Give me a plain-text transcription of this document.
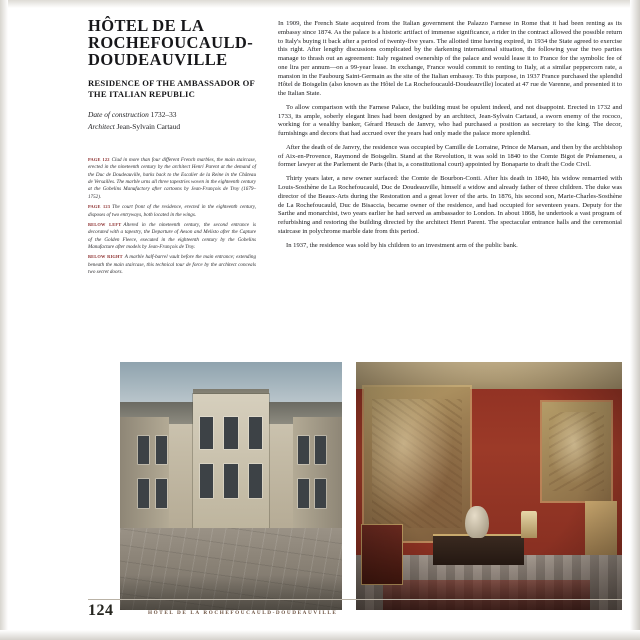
HÔTEL DE LA ROCHEFOUCAULD-DOUDEAUVILLE
RESIDENCE OF THE AMBASSADOR OF THE ITALIAN REPUBLIC
Date of construction 1732–33
Architect Jean-Sylvain Cartaud
PAGE 122 Clad in more than four different French marbles, the main staircase, erected in the nineteenth century by the architect Henri Parent at the demand of the Duc de Doudeauville, harks back to the Escalier de la Reine in the Château de Versailles. The marble urns all three tapestries woven in the eighteenth century at the Gobelins Manufactory after cartoons by Jean-François de Troy (1679–1752).
PAGE 123 The court front of the residence, erected in the eighteenth century, disposes of two entryways, both located in the wings.
BELOW LEFT Altered in the nineteenth century, the second entrance is decorated with a tapestry, the Departure of Aeson and Melisto after the Capture of the Golden Fleece, executed in the eighteenth century by the Gobelins Manufacture after models by Jean-François de Troy.
BELOW RIGHT A marble half-barrel vault before the main entrance; extending beneath the main staircase, this technical tour de force by the architect conceals two secret doors.

In 1909, the French State acquired from the Italian government the Palazzo Farnese in Rome that it had been renting as its embassy since 1874. As the palace is a historic artifact of immense significance, a rider in the contract allowed the possible return to Italy's buying it back after a period of twenty-five years. The allotted time having expired, in 1934 the State agreed to exercise this right. After lengthy discussions complicated by the darkening international situation, the following year the two parties manage to thrash out an agreement: Italy regained ownership of the palace and would lease it to France for the symbolic fee of one lira per annum—on a 99-year lease. In exchange, France would commit to renting to Italy, at a similar peppercorn rate, a mansion in the Faubourg Saint-Germain as the site of the Italian embassy. To this purpose, in 1937 France purchased the splendid Hôtel de Boisgelin (also known as the Hôtel de La Rochefoucauld-Doudeauville) located at 47 rue de Varenne, and presented it to the Italian State.

To allow comparison with the Farnese Palace, the building must be opulent indeed, and not disappoint. Erected in 1732 and 1733, its ample, soberly elegant lines had been designed by an architect, Jean-Sylvain Cartaud, a sworn enemy of the rococo, working for a wealthy banker, Gérard Heusch de Janvry, who had purchased a position as secretary to the king. The decor, furnishings and decors that had accrued over the years had only made the palace more splendid.

After the death of de Janvry, the residence was occupied by Camille de Lorraine, Prince de Marsan, and then by the archbishop of Aix-en-Provence, Raymond de Boisgelin. Stand at the Revolution, it was sold in 1840 to the Comte Bigot de Préameneu, a former lawyer at the Parlement de Paris (that is, a constitutional court) appointed by Bonaparte to draft the Code Civil.

Thirty years later, a new owner surfaced: the Comte de Bourbon-Conti. After his death in 1840, his widow remarried with Louis-Sosthène de La Rochefoucauld, Duc de Doudeauville, himself a widow and already father of three children. The duke was director of the Beaux-Arts during the Restoration and a great lover of the arts. In 1876, his second son, Marie-Charles-Sosthène de La Rochefoucauld, Duc de Bisaccia, became owner of the residence, and had occupied for seventeen years. Deputy for the Sarthe and monarchist, two years earlier he had served as ambassador to London. In about 1868, he undertook a vast program of refurbishing and restoring the building directed by the architect Henri Parent. The spectacular entrance halls and the ceremonial staircase in polychrome marble date from this period.

In 1937, the residence was sold by his children to an investment arm of the public bank.

124	HÔTEL DE LA ROCHEFOUCAULD-DOUDEAUVILLE
